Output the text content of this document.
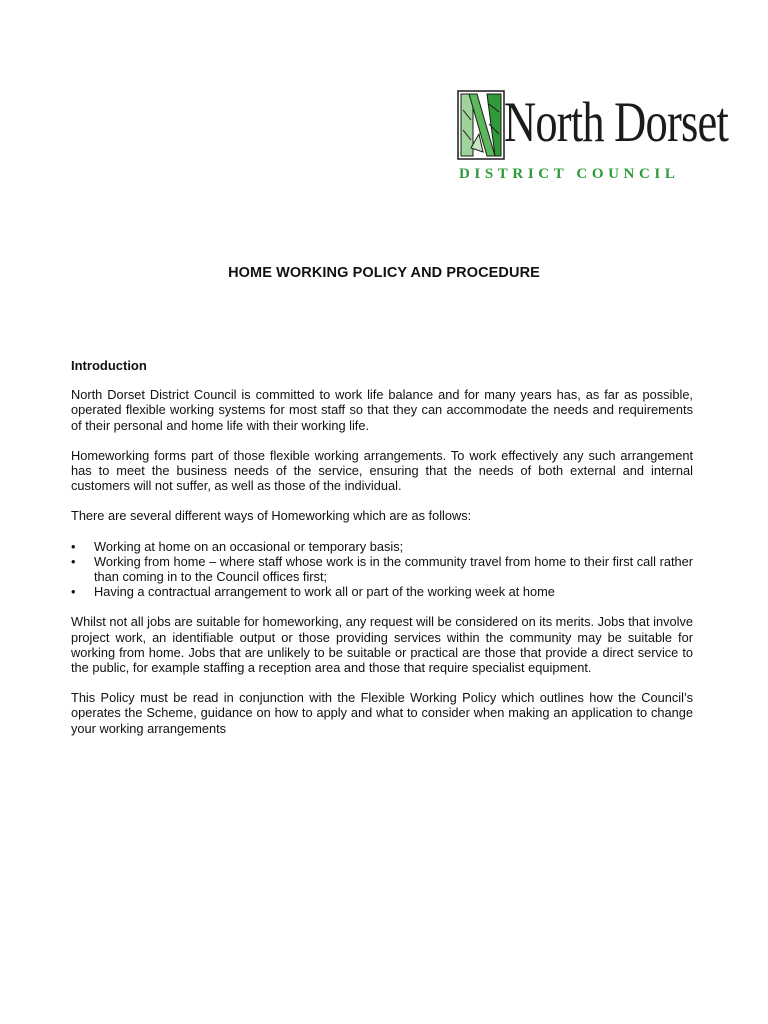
North Dorset
DISTRICT COUNCIL
HOME WORKING POLICY AND PROCEDURE
Introduction

North Dorset District Council is committed to work life balance and for many years has, as far as possible, operated flexible working systems for most staff so that they can accommodate the needs and requirements of their personal and home life with their working life.

Homeworking forms part of those flexible working arrangements. To work effectively any such arrangement has to meet the business needs of the service, ensuring that the needs of both external and internal customers will not suffer, as well as those of the individual.

There are several different ways of Homeworking which are as follows:

• Working at home on an occasional or temporary basis;
• Working from home – where staff whose work is in the community travel from home to their first call rather than coming in to the Council offices first;
• Having a contractual arrangement to work all or part of the working week at home

Whilst not all jobs are suitable for homeworking, any request will be considered on its merits. Jobs that involve project work, an identifiable output or those providing services within the community may be suitable for working from home. Jobs that are unlikely to be suitable or practical are those that provide a direct service to the public, for example staffing a reception area and those that require specialist equipment.

This Policy must be read in conjunction with the Flexible Working Policy which outlines how the Council’s operates the Scheme, guidance on how to apply and what to consider when making an application to change your working arrangements
